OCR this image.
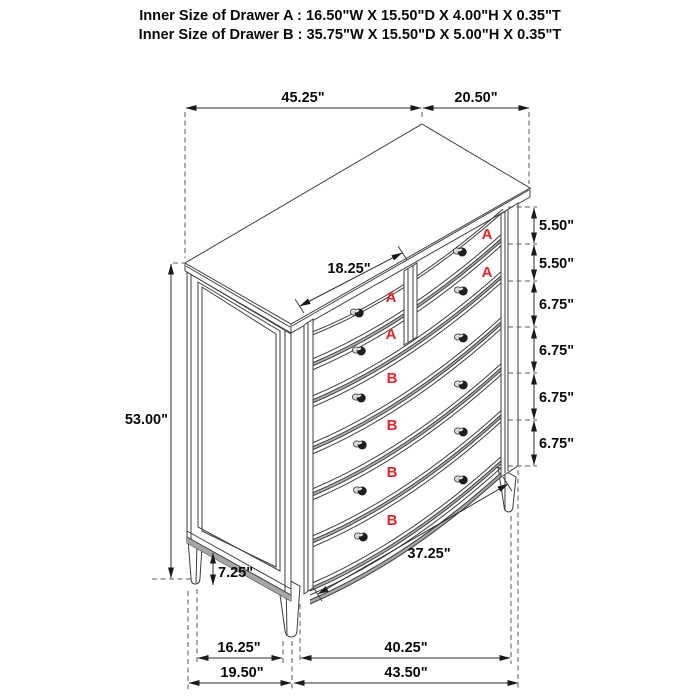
Inner Size of Drawer A : 16.50"W X 15.50"D X 4.00"H X 0.35"T
Inner Size of Drawer B : 35.75"W X 15.50"D X 5.00"H X 0.35"T
A
A
A
A
B
B
B
B
45.25"	20.50"
5.50"
5.50"
6.75"
6.75"
6.75"
6.75"
53.00"
18.25"
37.25"
7.25"
16.25"	40.25"
19.50"	43.50"
